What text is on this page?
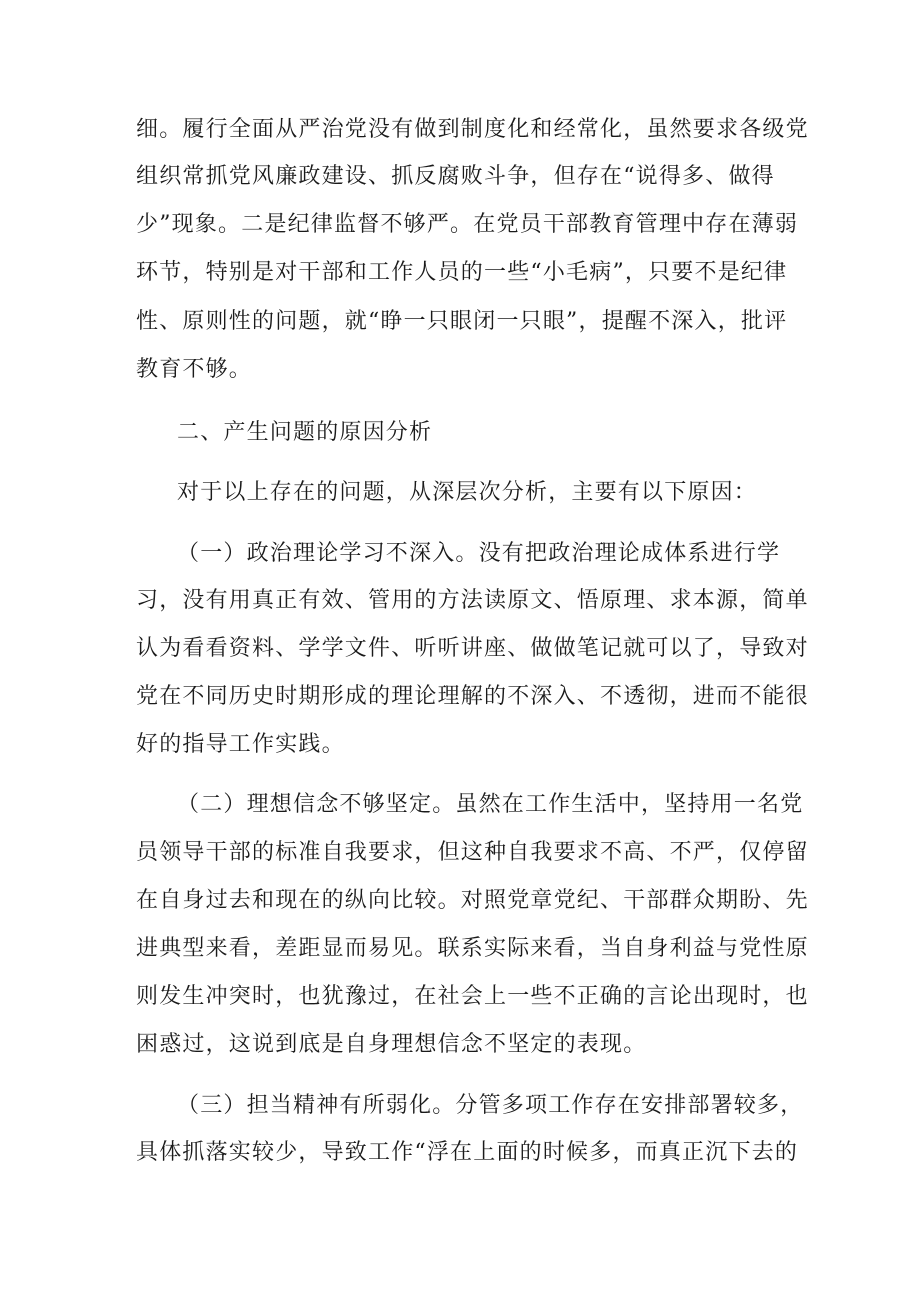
细。履行全面从严治党没有做到制度化和经常化，虽然要求各级党
组织常抓党风廉政建设、抓反腐败斗争，但存在“说得多、做得
少”现象。二是纪律监督不够严。在党员干部教育管理中存在薄弱
环节，特别是对干部和工作人员的一些“小毛病”，只要不是纪律
性、原则性的问题，就“睁一只眼闭一只眼”，提醒不深入，批评
教育不够。
二、产生问题的原因分析
对于以上存在的问题，从深层次分析，主要有以下原因：
（一）政治理论学习不深入。没有把政治理论成体系进行学
习，没有用真正有效、管用的方法读原文、悟原理、求本源，简单
认为看看资料、学学文件、听听讲座、做做笔记就可以了，导致对
党在不同历史时期形成的理论理解的不深入、不透彻，进而不能很
好的指导工作实践。
（二）理想信念不够坚定。虽然在工作生活中，坚持用一名党
员领导干部的标准自我要求，但这种自我要求不高、不严，仅停留
在自身过去和现在的纵向比较。对照党章党纪、干部群众期盼、先
进典型来看，差距显而易见。联系实际来看，当自身利益与党性原
则发生冲突时，也犹豫过，在社会上一些不正确的言论出现时，也
困惑过，这说到底是自身理想信念不坚定的表现。
（三）担当精神有所弱化。分管多项工作存在安排部署较多，
具体抓落实较少，导致工作“浮在上面的时候多，而真正沉下去的
